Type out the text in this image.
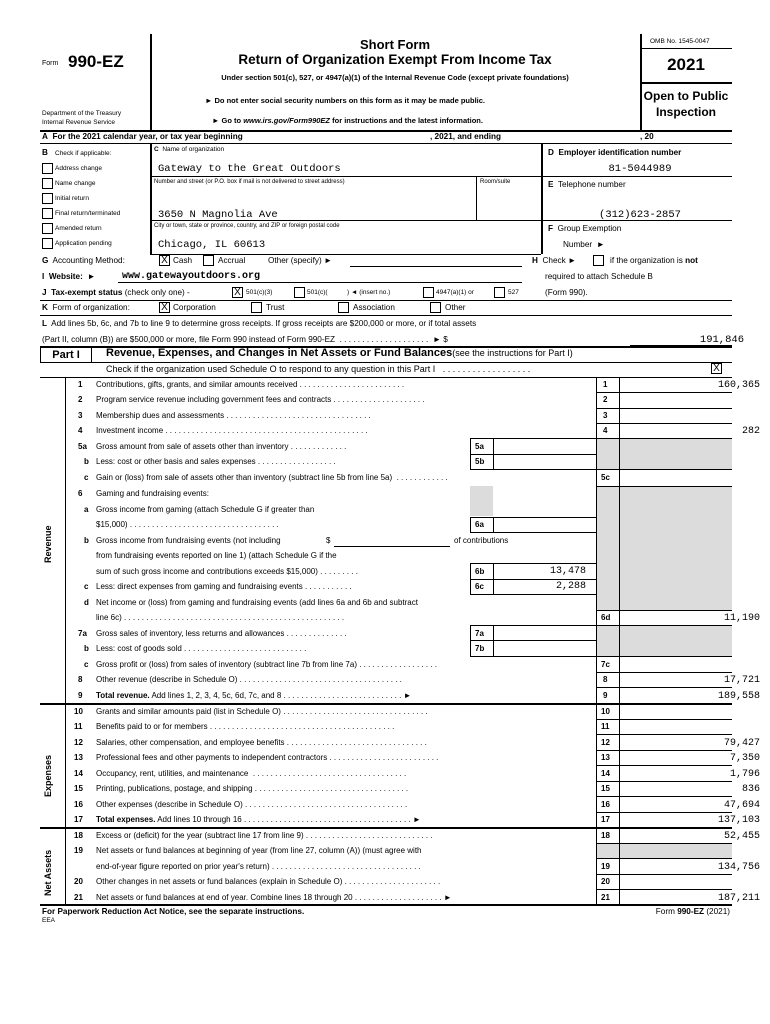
Form 990-EZ
Department of the Treasury
Internal Revenue Service
Short Form
Return of Organization Exempt From Income Tax
Under section 501(c), 527, or 4947(a)(1) of the Internal Revenue Code (except private foundations)
► Do not enter social security numbers on this form as it may be made public.
► Go to www.irs.gov/Form990EZ for instructions and the latest information.
OMB No. 1545-0047
2021
Open to Public
Inspection
A For the 2021 calendar year, or tax year beginning	, 2021, and ending	, 20
B Check if applicable:
Address change
Name change
Initial return
Final return/terminated
Amended return
Application pending
C Name of organization
Gateway to the Great Outdoors
Number and street (or P.O. box if mail is not delivered to street address)	Room/suite
3650 N Magnolia Ave
City or town, state or province, country, and ZIP or foreign postal code
Chicago, IL 60613
D Employer identification number
81-5044989
E Telephone number
(312)623-2857
F Group Exemption
Number  ►
G Accounting Method:	X Cash	Accrual	Other (specify) ►	H Check ►	if the organization is not
required to attach Schedule B
(Form 990).
I Website:  ►	www.gatewayoutdoors.org
J Tax-exempt status (check only one) -	X 501(c)(3)	501(c)(	) ◄ (insert no.)	4947(a)(1) or	527
K Form of organization:	X Corporation	Trust	Association	Other
L Add lines 5b, 6c, and 7b to line 9 to determine gross receipts. If gross receipts are $200,000 or more, or if total assets
(Part II, column (B)) are $500,000 or more, file Form 990 instead of Form 990-EZ  . . . . . . . . . . . . . . . . . . . .  ► $	191,846
Part I	Revenue, Expenses, and Changes in Net Assets or Fund Balances(see the instructions for Part I)
Check if the organization used Schedule O to respond to any question in this Part I   . . . . . . . . . . . . . . . . . .	X
Revenue
Expenses
Net Assets
1 Contributions, gifts, grants, and similar amounts received . . . . . . . . . . . . . . . . . . . . . . . .	1	160,365
2 Program service revenue including government fees and contracts . . . . . . . . . . . . . . . . . . . . .	2
3 Membership dues and assessments . . . . . . . . . . . . . . . . . . . . . . . . . . . . . . . . .	3
4 Investment income . . . . . . . . . . . . . . . . . . . . . . . . . . . . . . . . . . . . . . . . . . . . . .	4	282
5a Gross amount from sale of assets other than inventory . . . . . . . . . . . . .	5a
b Less: cost or other basis and sales expenses . . . . . . . . . . . . . . . . . .	5b
c Gain or (loss) from sale of assets other than inventory (subtract line 5b from line 5a)  . . . . . . . . . . . .	5c
6 Gaming and fundraising events:
a Gross income from gaming (attach Schedule G if greater than
$15,000) . . . . . . . . . . . . . . . . . . . . . . . . . . . . . . . . . .	6a
b Gross income from fundraising events (not including	$	of contributions
from fundraising events reported on line 1) (attach Schedule G if the
sum of such gross income and contributions exceeds $15,000) . . . . . . . . .	6b	13,478
c Less: direct expenses from gaming and fundraising events . . . . . . . . . . .	6c	2,288
d Net income or (loss) from gaming and fundraising events (add lines 6a and 6b and subtract
line 6c) . . . . . . . . . . . . . . . . . . . . . . . . . . . . . . . . . . . . . . . . . . . . . . . . . .	6d	11,190
7a Gross sales of inventory, less returns and allowances . . . . . . . . . . . . . .	7a
b Less: cost of goods sold . . . . . . . . . . . . . . . . . . . . . . . . . . . .	7b
c Gross profit or (loss) from sales of inventory (subtract line 7b from line 7a) . . . . . . . . . . . . . . . . . .	7c
8 Other revenue (describe in Schedule O) . . . . . . . . . . . . . . . . . . . . . . . . . . . . . . . . . . . . .	8	17,721
9 Total revenue. Add lines 1, 2, 3, 4, 5c, 6d, 7c, and 8 . . . . . . . . . . . . . . . . . . . . . . . . . . . ►	9	189,558
10 Grants and similar amounts paid (list in Schedule O) . . . . . . . . . . . . . . . . . . . . . . . . . . . . . . . . .	10
11 Benefits paid to or for members . . . . . . . . . . . . . . . . . . . . . . . . . . . . . . . . . . . . . . . . . .	11
12 Salaries, other compensation, and employee benefits . . . . . . . . . . . . . . . . . . . . . . . . . . . . . . . .	12	79,427
13 Professional fees and other payments to independent contractors . . . . . . . . . . . . . . . . . . . . . . . . .	13	7,350
14 Occupancy, rent, utilities, and maintenance  . . . . . . . . . . . . . . . . . . . . . . . . . . . . . . . . . . .	14	1,796
15 Printing, publications, postage, and shipping . . . . . . . . . . . . . . . . . . . . . . . . . . . . . . . . . . .	15	836
16 Other expenses (describe in Schedule O) . . . . . . . . . . . . . . . . . . . . . . . . . . . . . . . . . . . . .	16	47,694
17 Total expenses. Add lines 10 through 16 . . . . . . . . . . . . . . . . . . . . . . . . . . . . . . . . . . . . . . ►	17	137,103
18 Excess or (deficit) for the year (subtract line 17 from line 9) . . . . . . . . . . . . . . . . . . . . . . . . . . . . .	18	52,455
19 Net assets or fund balances at beginning of year (from line 27, column (A)) (must agree with
end-of-year figure reported on prior year's return) . . . . . . . . . . . . . . . . . . . . . . . . . . . . . . . . . .	19	134,756
20 Other changes in net assets or fund balances (explain in Schedule O) . . . . . . . . . . . . . . . . . . . . . .	20
21 Net assets or fund balances at end of year. Combine lines 18 through 20 . . . . . . . . . . . . . . . . . . . . ►	21	187,211
For Paperwork Reduction Act Notice, see the separate instructions.
EEA
Form 990-EZ (2021)
